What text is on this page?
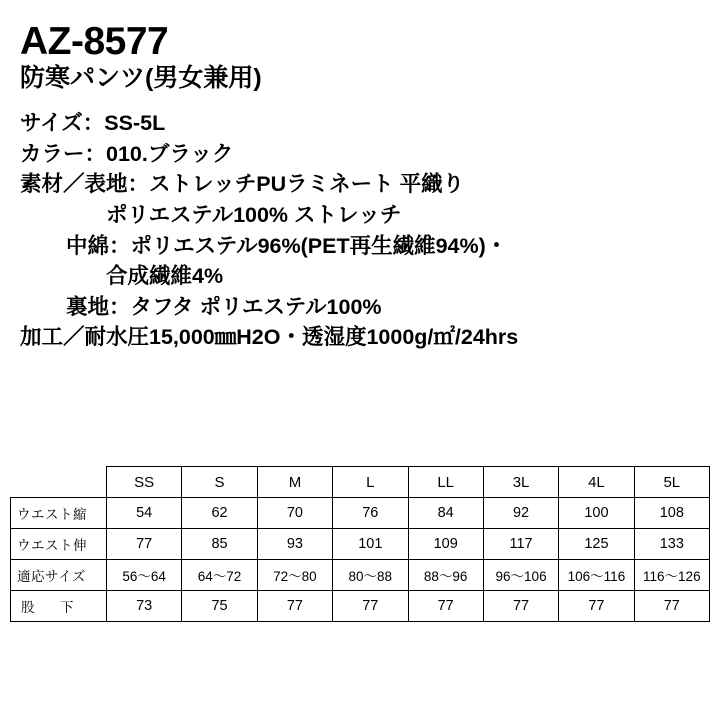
AZ-8577
防寒パンツ(男女兼用)
サイズ：SS-5L
カラー：010.ブラック
素材／表地：ストレッチPUラミネート 平織り
ポリエステル100% ストレッチ
中綿：ポリエステル96%(PET再生繊維94%)・
合成繊維4%
裏地：タフタ ポリエステル100%
加工／耐水圧15,000㎜H2O・透湿度1000g/㎡/24hrs
	SS	S	M	L	LL	3L	4L	5L
ウエスト縮	54	62	70	76	84	92	100	108
ウエスト伸	77	85	93	101	109	117	125	133
適応サイズ	56～64	64～72	72～80	80～88	88～96	96～106	106～116	116～126
股　下	73	75	77	77	77	77	77	77
